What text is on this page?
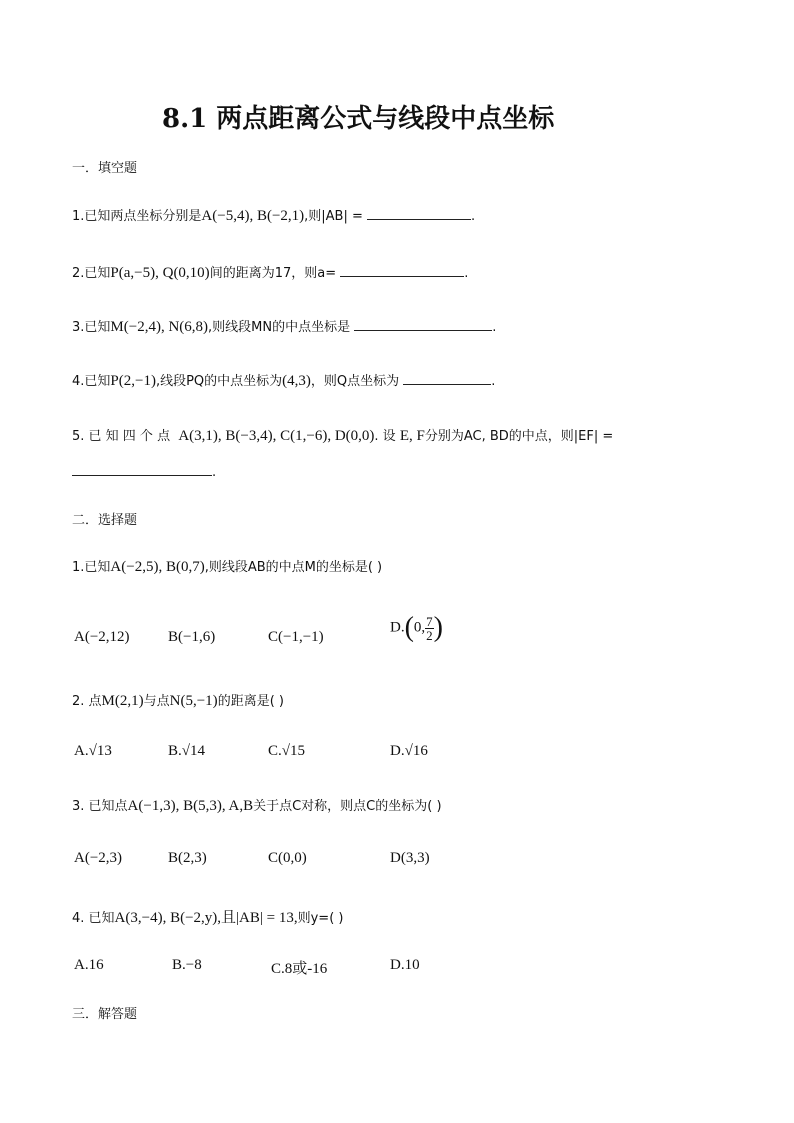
8.1 两点距离公式与线段中点坐标
一．填空题
1.已知两点坐标分别是A(−5,4), B(−2,1),则|AB| =	.
2.已知P(a,−5), Q(0,10)间的距离为17，则a=	.
3.已知M(−2,4), N(6,8),则线段MN的中点坐标是	.
4.已知P(2,−1),线段PQ的中点坐标为(4,3)，则Q点坐标为	.
5. 已 知 四 个 点 A(3,1), B(−3,4), C(1,−6), D(0,0). 设 E, F分别为AC, BD的中点，则|EF| =
.
二．选择题
1.已知A(−2,5), B(0,7),则线段AB的中点M的坐标是( )
A(−2,12)	B(−1,6)	C(−1,−1)
D.(0, $\frac{7}{2}$ )
2. 点M(2,1)与点N(5,−1)的距离是( )
A.√13	B.√14	C.√15	D.√16
3. 已知点A(−1,3), B(5,3), A,B关于点C对称，则点C的坐标为( )
A(−2,3)	B(2,3)	C(0,0)	D(3,3)
4. 已知A(3,−4), B(−2,y),且|AB| = 13,则y=( )
A.16	B.−8	C.8或-16	D.10
三．解答题
